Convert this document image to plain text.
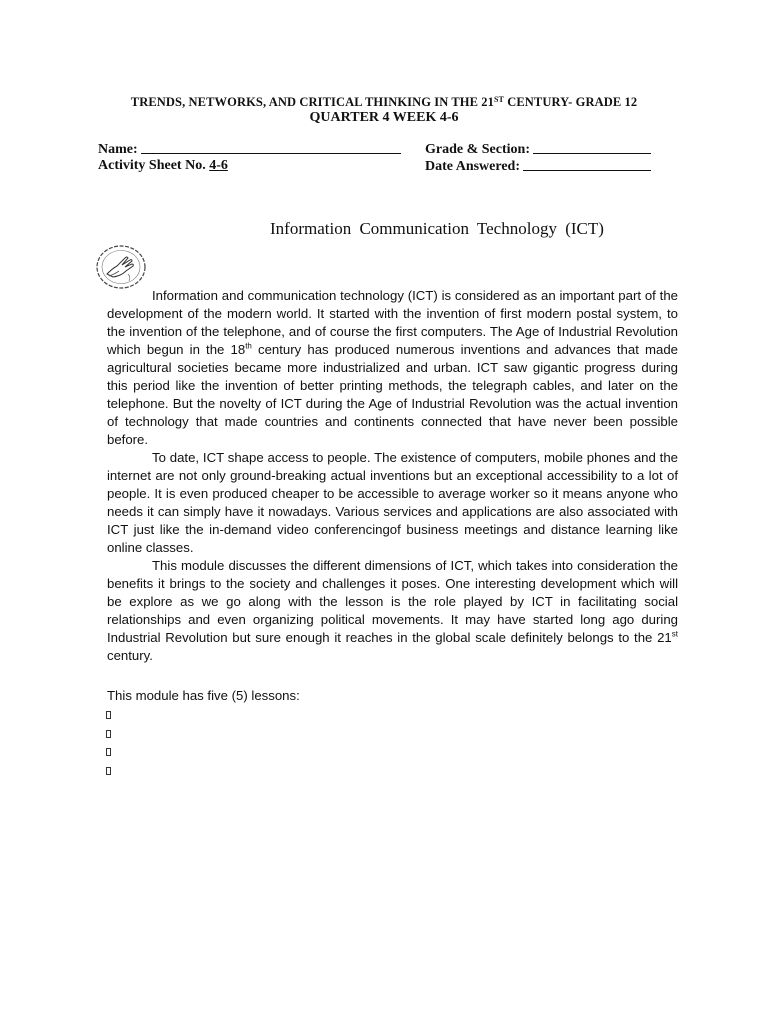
TRENDS, NETWORKS, AND CRITICAL THINKING IN THE 21ST CENTURY- GRADE 12
QUARTER 4 WEEK 4-6
Name:	Grade & Section:
Activity Sheet No. 4-6	Date Answered:
Information Communication Technology (ICT)

Information and communication technology (ICT) is considered as an important part of the development of the modern world. It started with the invention of first modern postal system, to the invention of the telephone, and of course the first computers. The Age of Industrial Revolution which begun in the 18th century has produced numerous inventions and advances that made agricultural societies became more industrialized and urban. ICT saw gigantic progress during this period like the invention of better printing methods, the telegraph cables, and later on the telephone. But the novelty of ICT during the Age of Industrial Revolution was the actual invention of technology that made countries and continents connected that have never been possible before.

To date, ICT shape access to people. The existence of computers, mobile phones and the internet are not only ground-breaking actual inventions but an exceptional accessibility to a lot of people. It is even produced cheaper to be accessible to average worker so it means anyone who needs it can simply have it nowadays. Various services and applications are also associated with ICT just like the in-demand video conferencingof business meetings and distance learning like online classes.

This module discusses the different dimensions of ICT, which takes into consideration the benefits it brings to the society and challenges it poses. One interesting development which will be explore as we go along with the lesson is the role played by ICT in facilitating social relationships and even organizing political movements. It may have started long ago during Industrial Revolution but sure enough it reaches in the global scale definitely belongs to the 21st century.

This module has five (5) lessons:
